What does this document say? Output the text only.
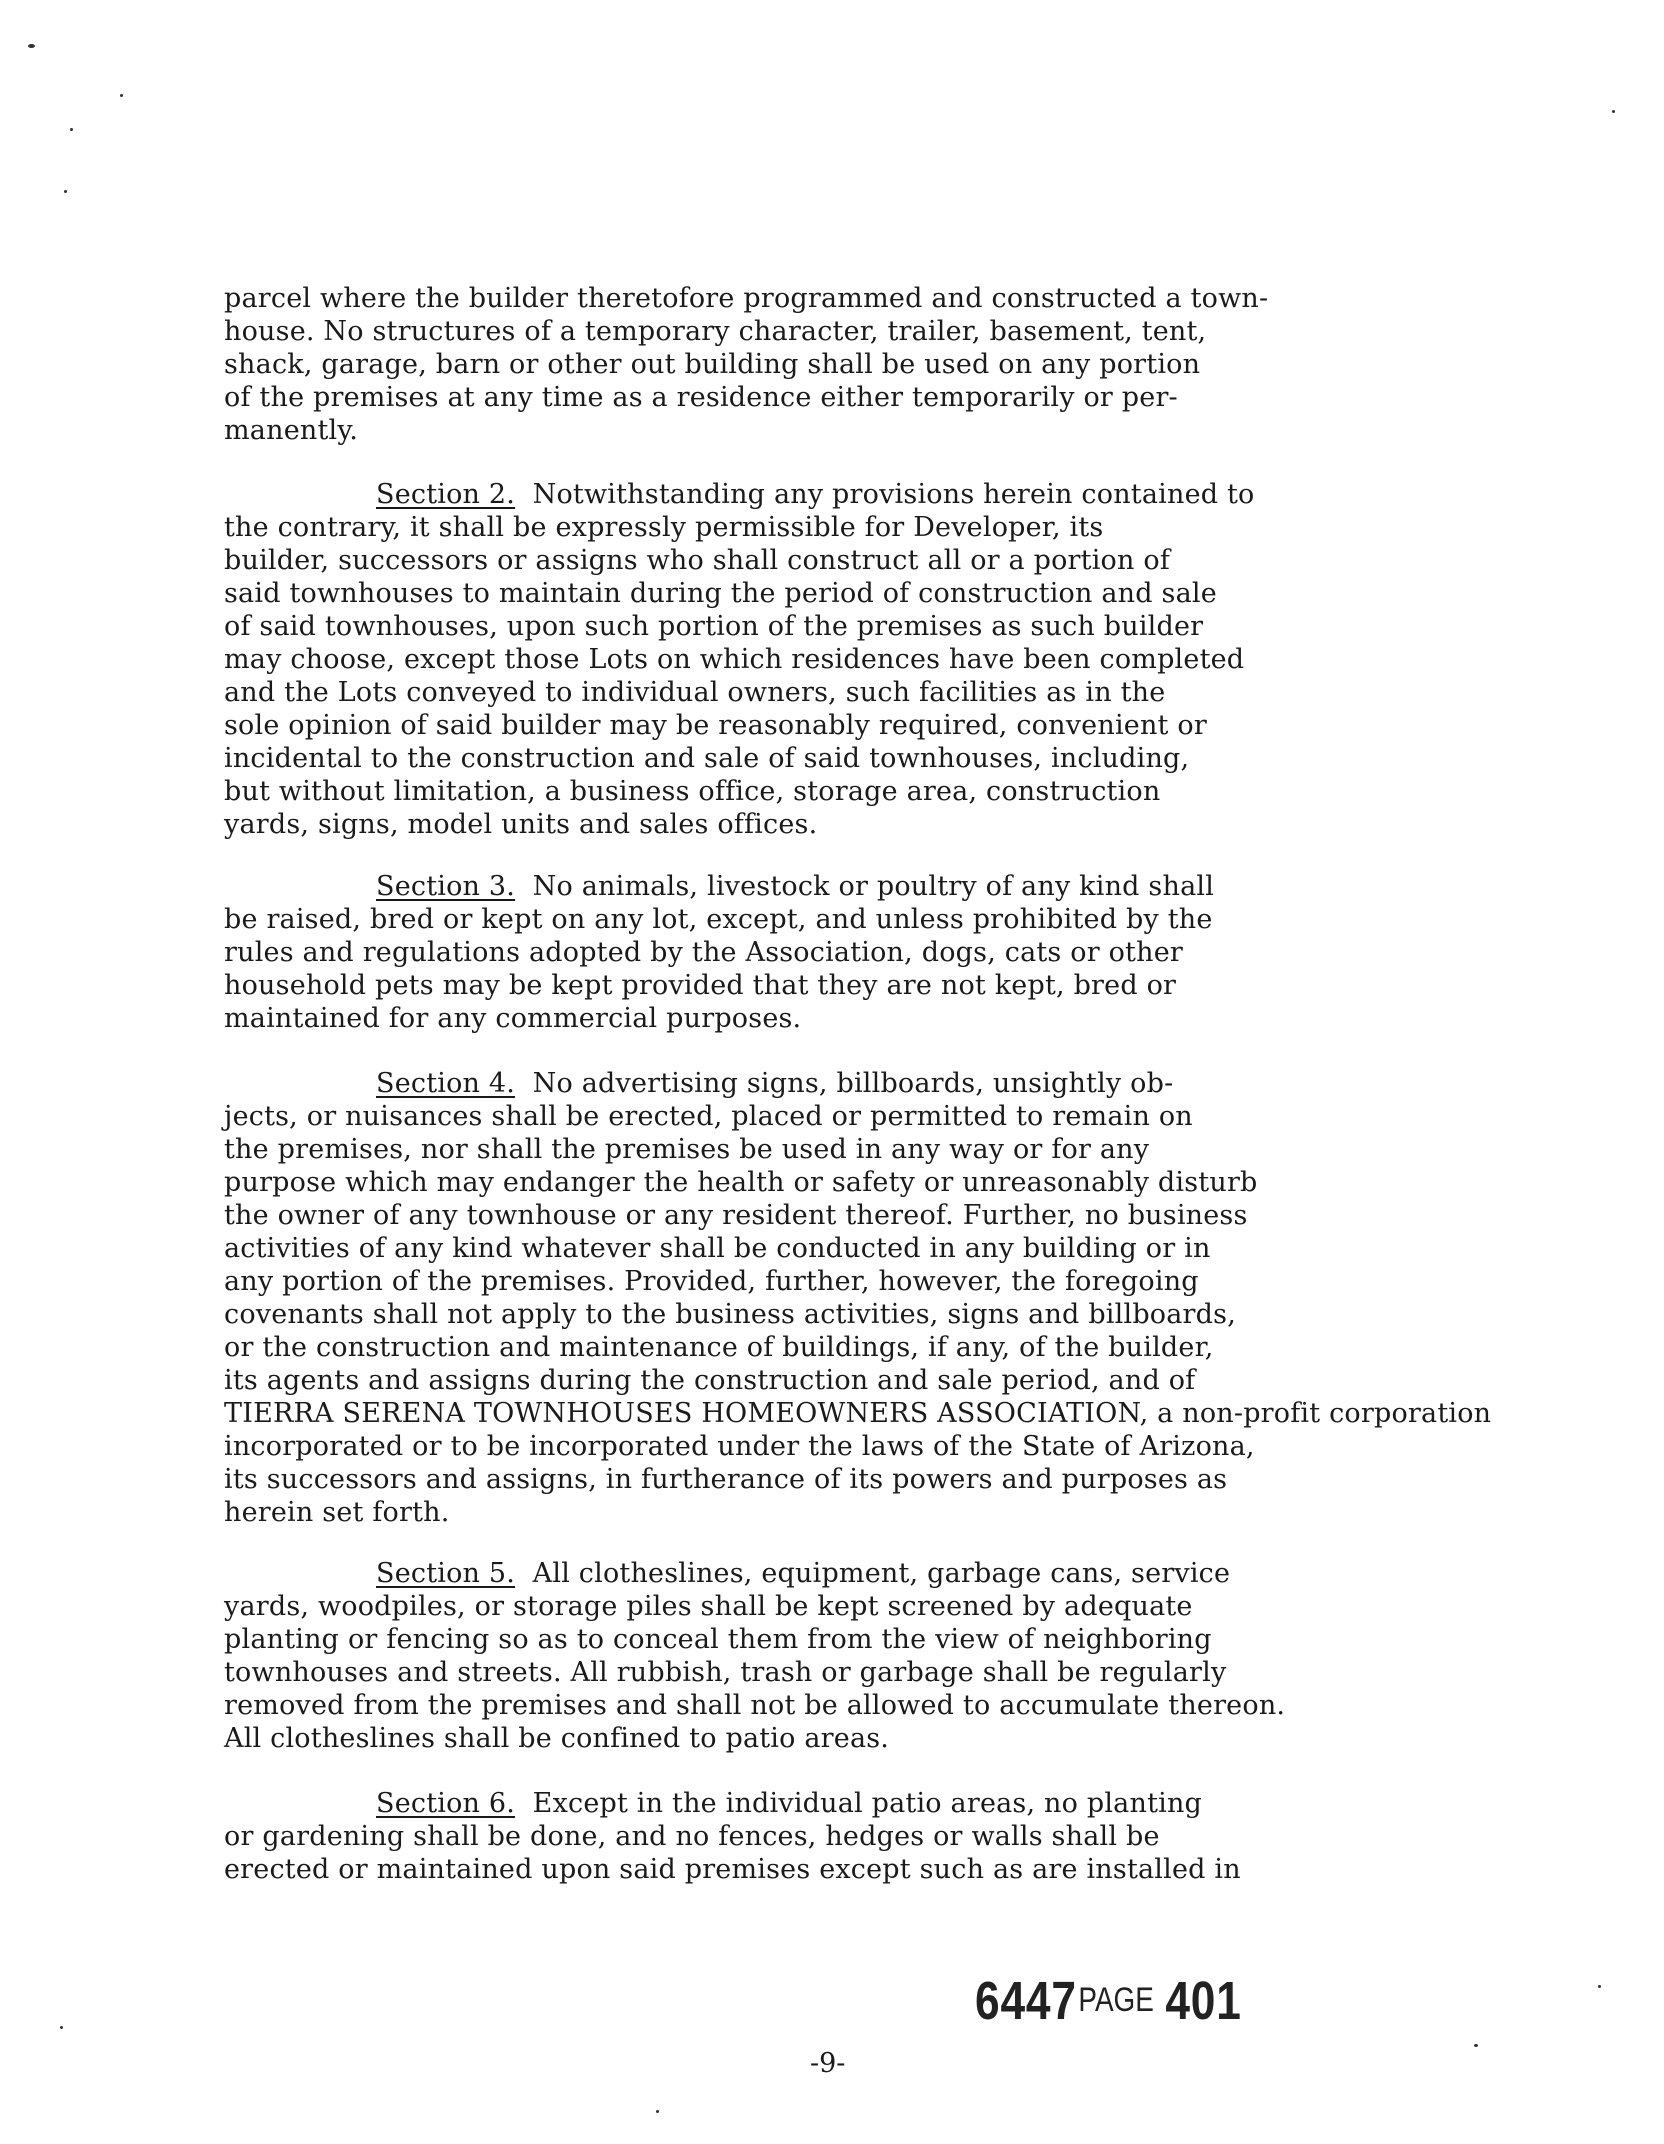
parcel where the builder theretofore programmed and constructed a town-
house. No structures of a temporary character, trailer, basement, tent,
shack, garage, barn or other out building shall be used on any portion
of the premises at any time as a residence either temporarily or per-
manently.
Section 2. Notwithstanding any provisions herein contained to
the contrary, it shall be expressly permissible for Developer, its
builder, successors or assigns who shall construct all or a portion of
said townhouses to maintain during the period of construction and sale
of said townhouses, upon such portion of the premises as such builder
may choose, except those Lots on which residences have been completed
and the Lots conveyed to individual owners, such facilities as in the
sole opinion of said builder may be reasonably required, convenient or
incidental to the construction and sale of said townhouses, including,
but without limitation, a business office, storage area, construction
yards, signs, model units and sales offices.
Section 3. No animals, livestock or poultry of any kind shall
be raised, bred or kept on any lot, except, and unless prohibited by the
rules and regulations adopted by the Association, dogs, cats or other
household pets may be kept provided that they are not kept, bred or
maintained for any commercial purposes.
Section 4. No advertising signs, billboards, unsightly ob-
jects, or nuisances shall be erected, placed or permitted to remain on
the premises, nor shall the premises be used in any way or for any
purpose which may endanger the health or safety or unreasonably disturb
the owner of any townhouse or any resident thereof. Further, no business
activities of any kind whatever shall be conducted in any building or in
any portion of the premises. Provided, further, however, the foregoing
covenants shall not apply to the business activities, signs and billboards,
or the construction and maintenance of buildings, if any, of the builder,
its agents and assigns during the construction and sale period, and of
TIERRA SERENA TOWNHOUSES HOMEOWNERS ASSOCIATION, a non-profit corporation
incorporated or to be incorporated under the laws of the State of Arizona,
its successors and assigns, in furtherance of its powers and purposes as
herein set forth.
Section 5. All clotheslines, equipment, garbage cans, service
yards, woodpiles, or storage piles shall be kept screened by adequate
planting or fencing so as to conceal them from the view of neighboring
townhouses and streets. All rubbish, trash or garbage shall be regularly
removed from the premises and shall not be allowed to accumulate thereon.
All clotheslines shall be confined to patio areas.
Section 6. Except in the individual patio areas, no planting
or gardening shall be done, and no fences, hedges or walls shall be
erected or maintained upon said premises except such as are installed in
6447PAGE 401
-9-
